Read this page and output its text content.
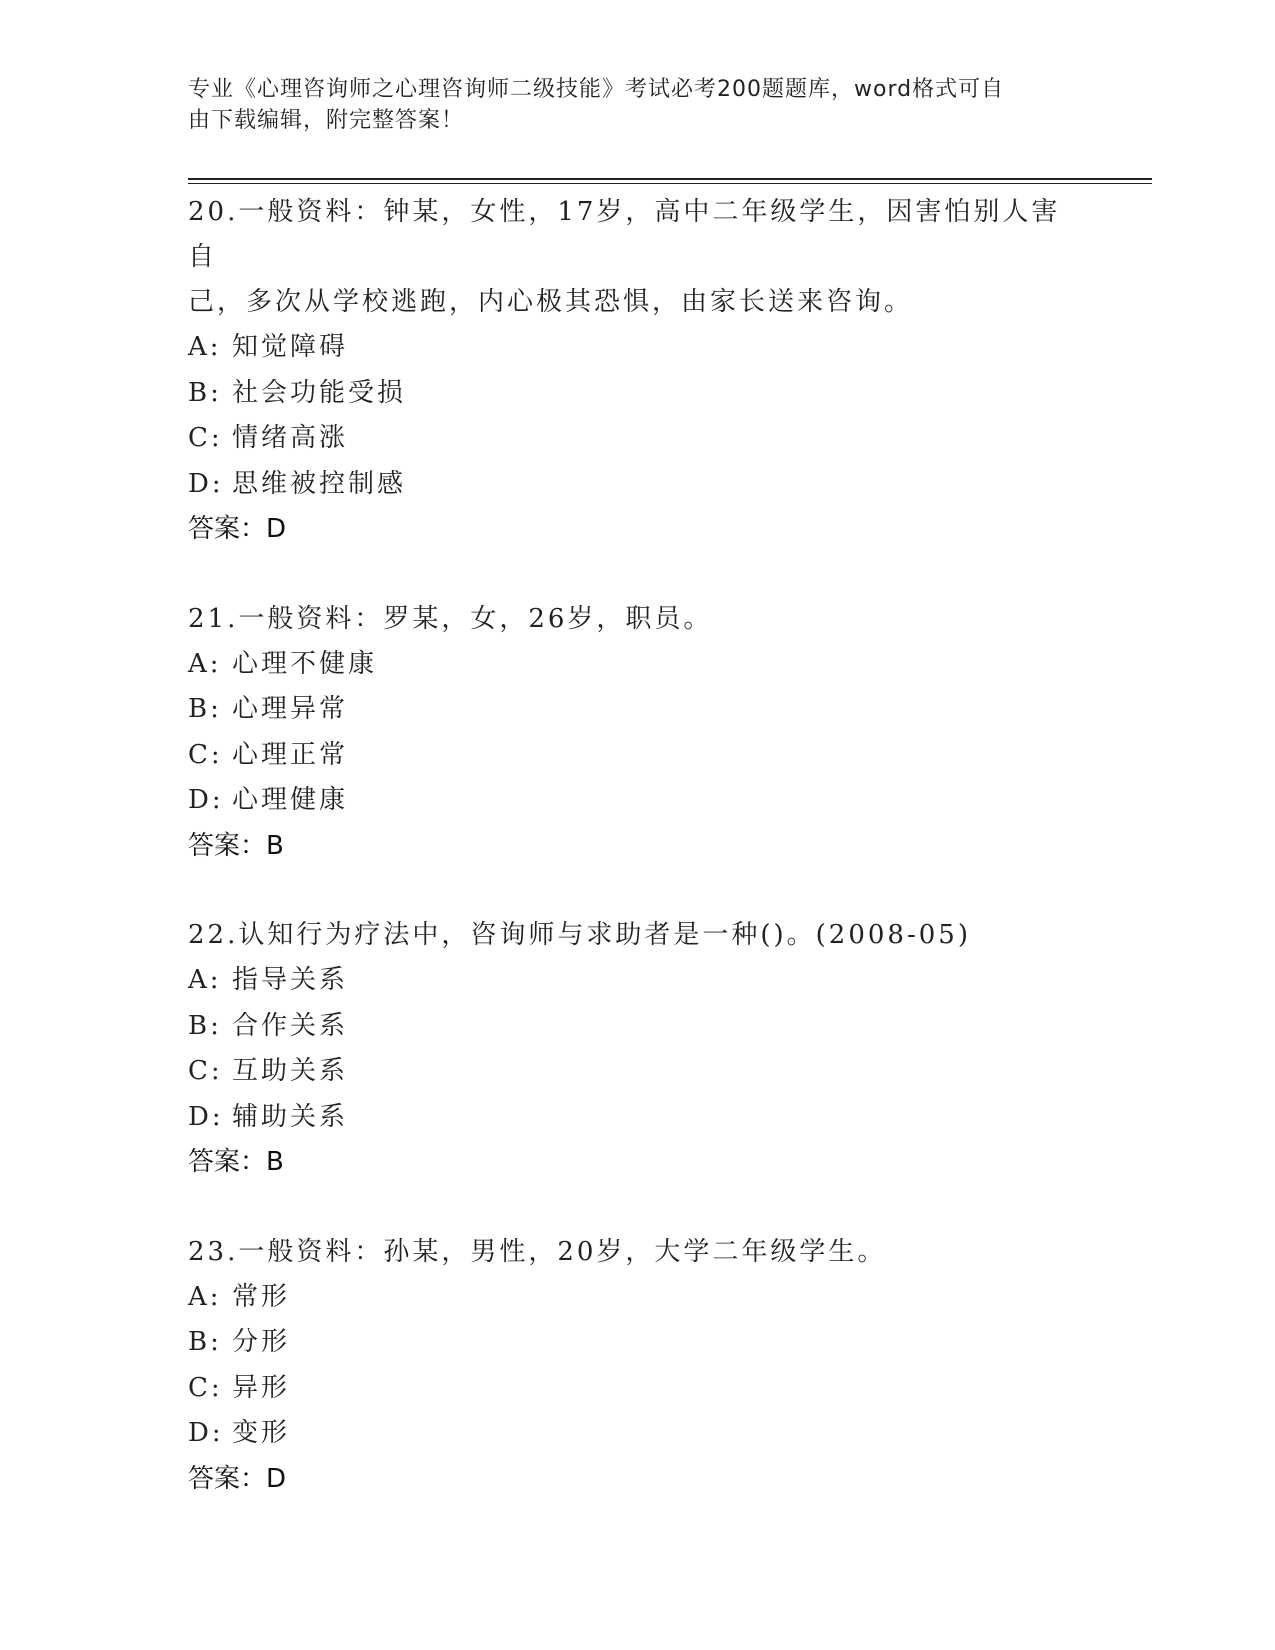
专业《心理咨询师之心理咨询师二级技能》考试必考200题题库，word格式可自
由下载编辑，附完整答案！
20.一般资料：钟某，女性，17岁，高中二年级学生，因害怕别人害自
己，多次从学校逃跑，内心极其恐惧，由家长送来咨询。
A: 知觉障碍
B: 社会功能受损
C: 情绪高涨
D: 思维被控制感
答案：D
21.一般资料：罗某，女，26岁，职员。
A: 心理不健康
B: 心理异常
C: 心理正常
D: 心理健康
答案：B
22.认知行为疗法中，咨询师与求助者是一种()。(2008-05)
A: 指导关系
B: 合作关系
C: 互助关系
D: 辅助关系
答案：B
23.一般资料：孙某，男性，20岁，大学二年级学生。
A: 常形
B: 分形
C: 异形
D: 变形
答案：D
